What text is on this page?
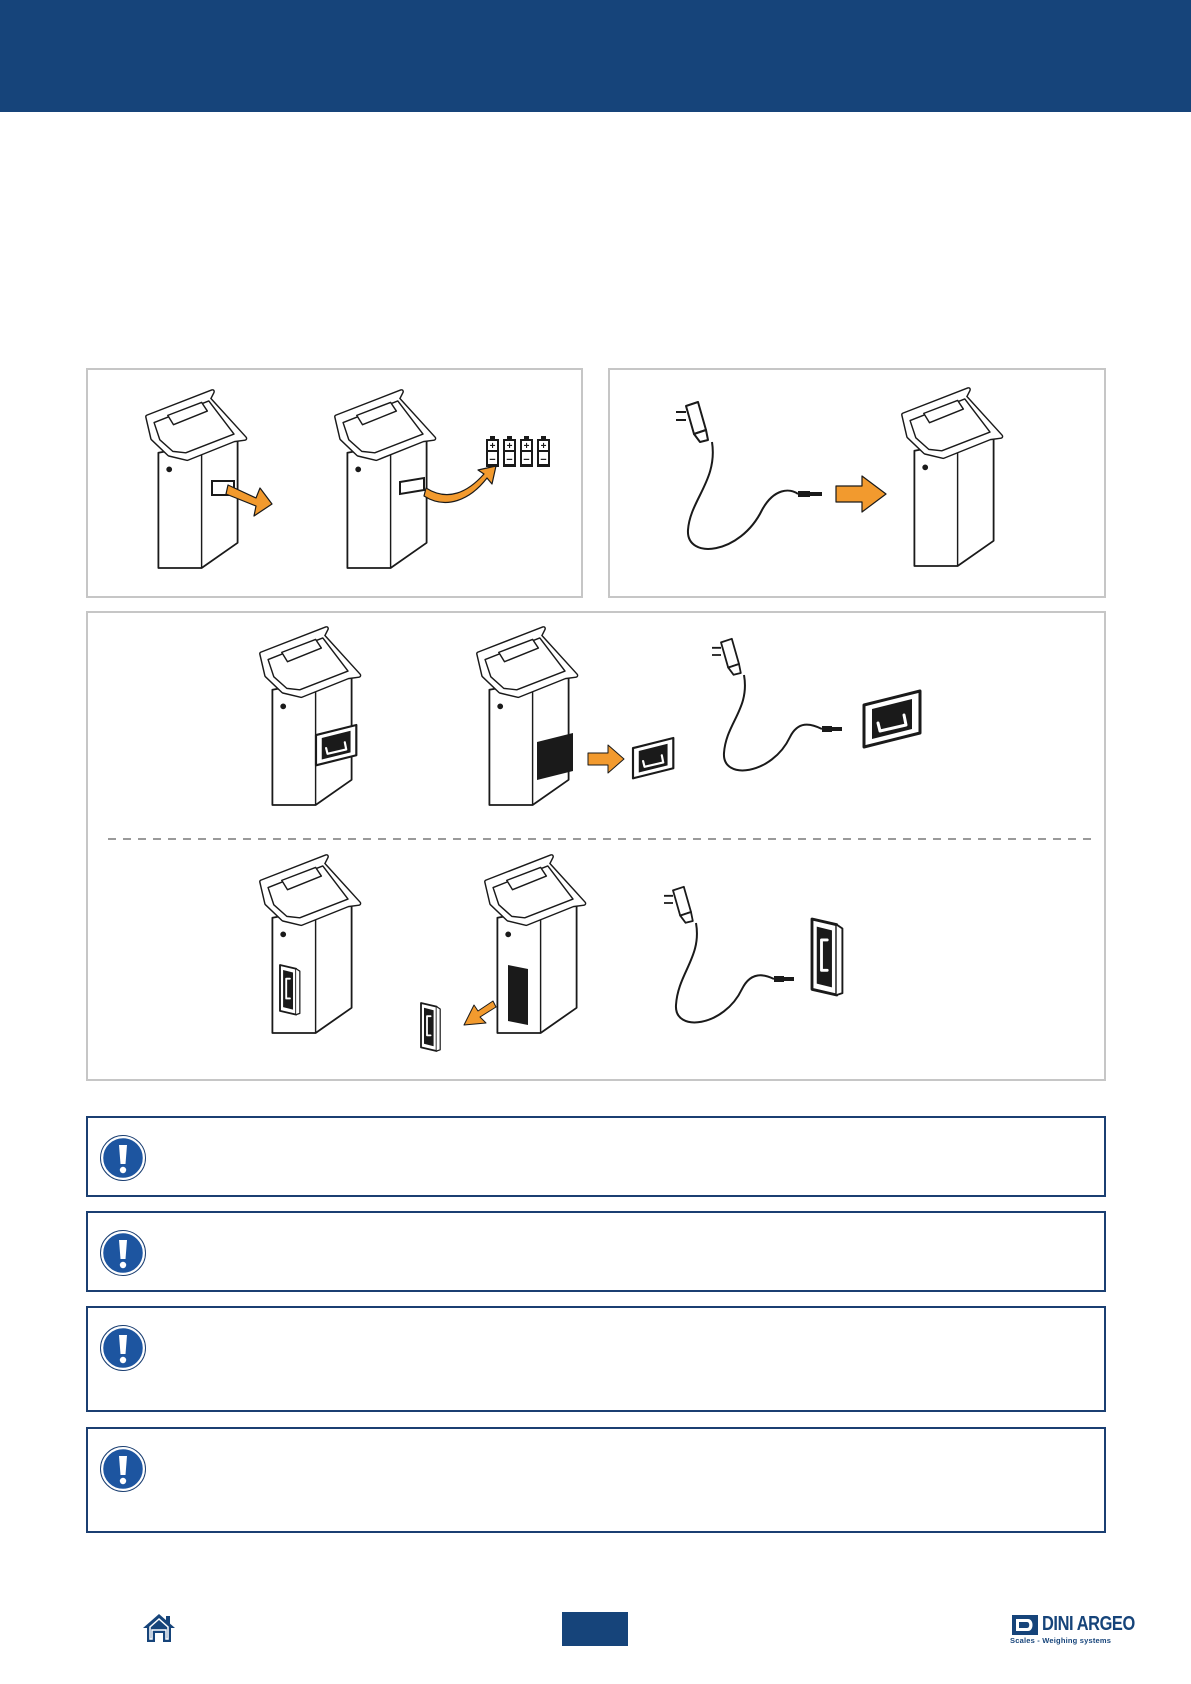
+
−
+
−
+
−
+
−
DINI ARGEO
Scales - Weighing systems
